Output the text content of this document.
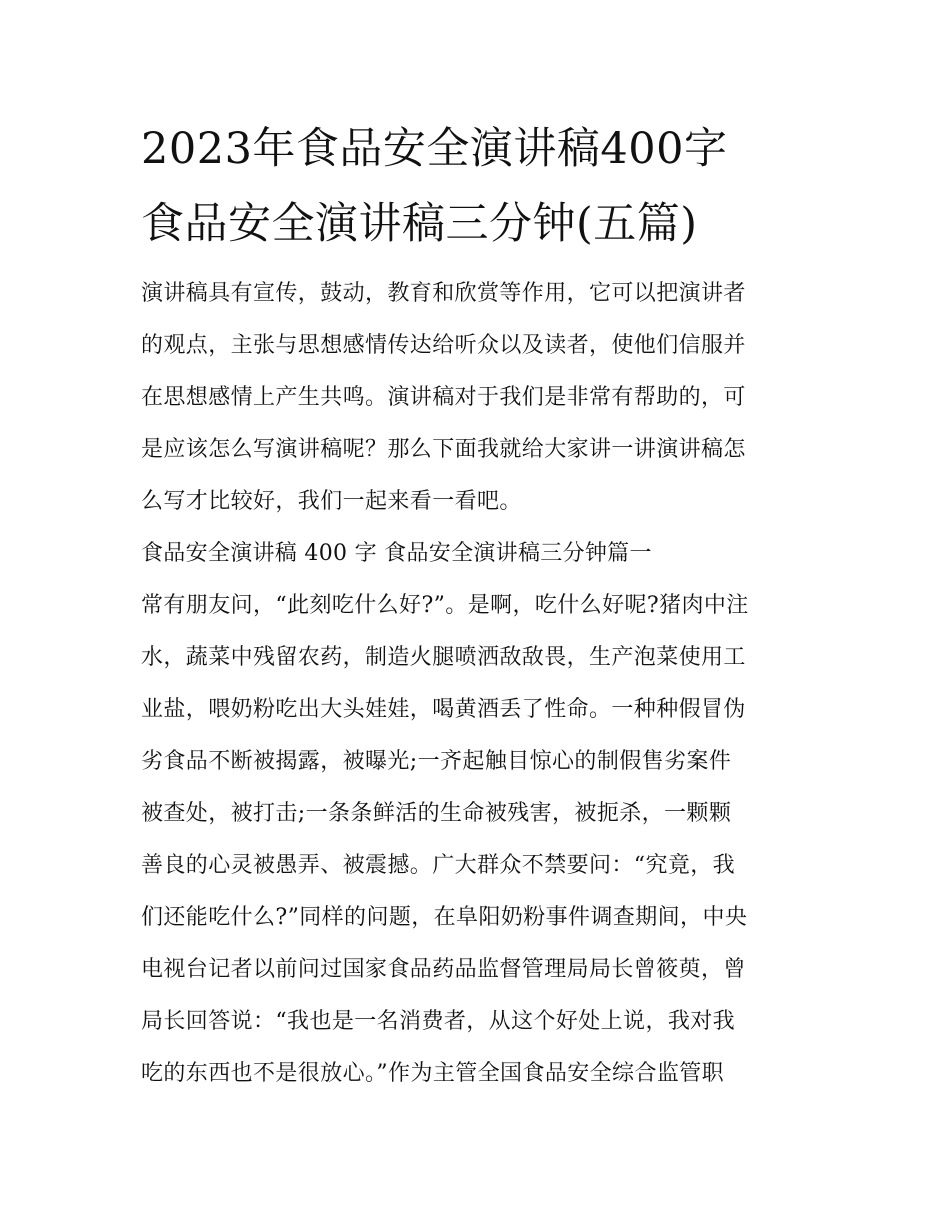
2023年食品安全演讲稿400字
食品安全演讲稿三分钟(五篇)
演讲稿具有宣传，鼓动，教育和欣赏等作用，它可以把演讲者
的观点，主张与思想感情传达给听众以及读者，使他们信服并
在思想感情上产生共鸣。演讲稿对于我们是非常有帮助的，可
是应该怎么写演讲稿呢？那么下面我就给大家讲一讲演讲稿怎
么写才比较好，我们一起来看一看吧。
食品安全演讲稿 400 字 食品安全演讲稿三分钟篇一
常有朋友问，“此刻吃什么好?”。是啊，吃什么好呢?猪肉中注
水，蔬菜中残留农药，制造火腿喷洒敌敌畏，生产泡菜使用工
业盐，喂奶粉吃出大头娃娃，喝黄酒丢了性命。一种种假冒伪
劣食品不断被揭露，被曝光;一齐起触目惊心的制假售劣案件
被查处，被打击;一条条鲜活的生命被残害，被扼杀，一颗颗
善良的心灵被愚弄、被震撼。广大群众不禁要问：“究竟，我
们还能吃什么?”同样的问题，在阜阳奶粉事件调查期间，中央
电视台记者以前问过国家食品药品监督管理局局长曾筱萸，曾
局长回答说：“我也是一名消费者，从这个好处上说，我对我
吃的东西也不是很放心。”作为主管全国食品安全综合监管职
